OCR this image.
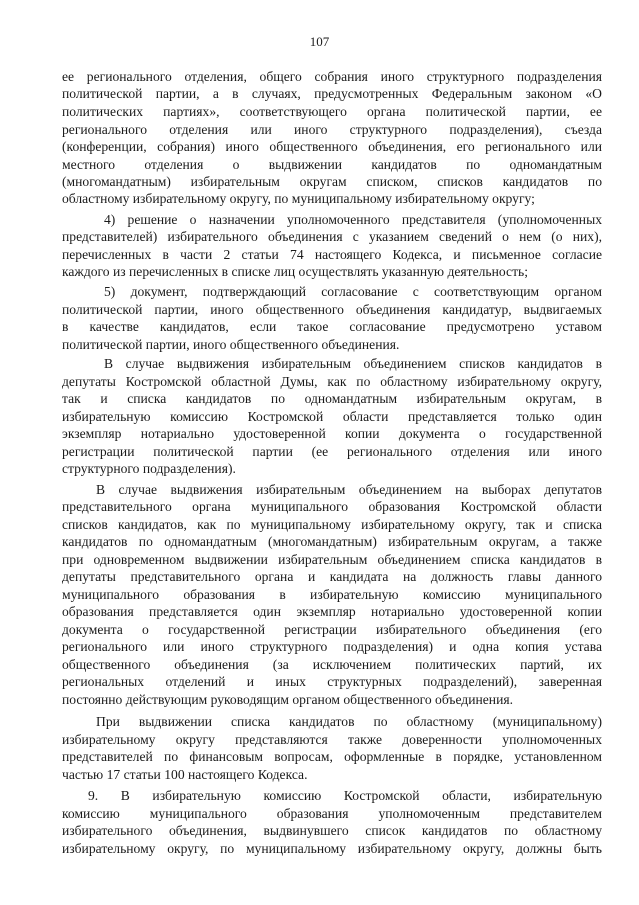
107
ее регионального отделения, общего собрания иного структурного подразделения
политической партии, а в случаях, предусмотренных Федеральным законом «О
политических партиях», соответствующего органа политической партии, ее
регионального отделения или иного структурного подразделения), съезда
(конференции, собрания) иного общественного объединения, его регионального или
местного отделения о выдвижении кандидатов по одномандатным
(многомандатным) избирательным округам списком, списков кандидатов по
областному избирательному округу, по муниципальному избирательному округу;
4) решение о назначении уполномоченного представителя (уполномоченных
представителей) избирательного объединения с указанием сведений о нем (о них),
перечисленных в части 2 статьи 74 настоящего Кодекса, и письменное согласие
каждого из перечисленных в списке лиц осуществлять указанную деятельность;
5) документ, подтверждающий согласование с соответствующим органом
политической партии, иного общественного объединения кандидатур, выдвигаемых
в качестве кандидатов, если такое согласование предусмотрено уставом
политической партии, иного общественного объединения.
В случае выдвижения избирательным объединением списков кандидатов в
депутаты Костромской областной Думы, как по областному избирательному округу,
так и списка кандидатов по одномандатным избирательным округам, в
избирательную комиссию Костромской области представляется только один
экземпляр нотариально удостоверенной копии документа о государственной
регистрации политической партии (ее регионального отделения или иного
структурного подразделения).
В случае выдвижения избирательным объединением на выборах депутатов
представительного органа муниципального образования Костромской области
списков кандидатов, как по муниципальному избирательному округу, так и списка
кандидатов по одномандатным (многомандатным) избирательным округам, а также
при одновременном выдвижении избирательным объединением списка кандидатов в
депутаты представительного органа и кандидата на должность главы данного
муниципального образования в избирательную комиссию муниципального
образования представляется один экземпляр нотариально удостоверенной копии
документа о государственной регистрации избирательного объединения (его
регионального или иного структурного подразделения) и одна копия устава
общественного объединения (за исключением политических партий, их
региональных отделений и иных структурных подразделений), заверенная
постоянно действующим руководящим органом общественного объединения.
При выдвижении списка кандидатов по областному (муниципальному)
избирательному округу представляются также доверенности уполномоченных
представителей по финансовым вопросам, оформленные в порядке, установленном
частью 17 статьи 100 настоящего Кодекса.
9. В избирательную комиссию Костромской области, избирательную
комиссию муниципального образования уполномоченным представителем
избирательного объединения, выдвинувшего список кандидатов по областному
избирательному округу, по муниципальному избирательному округу, должны быть
